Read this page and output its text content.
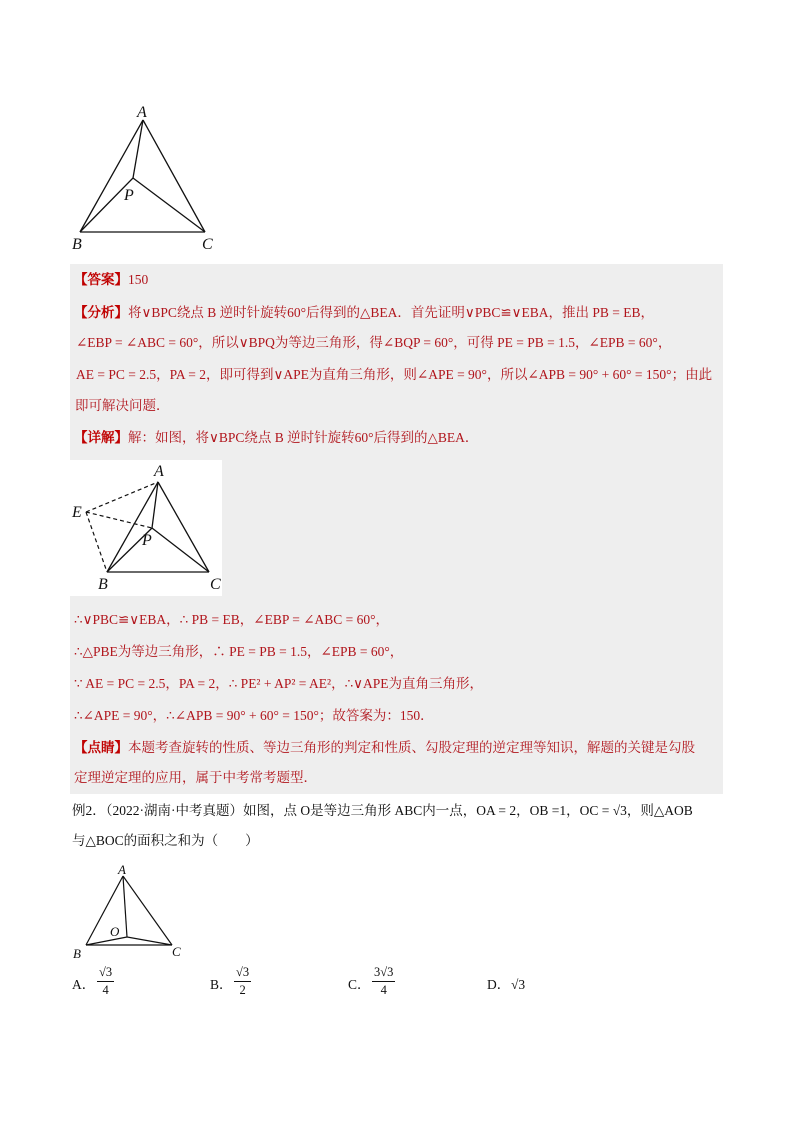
A
P
B	C
【答案】150
【分析】将∨BPC绕点 B 逆时针旋转60°后得到的△BEA．首先证明∨PBC≌∨EBA，推出 PB = EB，
∠EBP = ∠ABC = 60°，所以∨BPQ为等边三角形，得∠BQP = 60°，可得 PE = PB = 1.5，∠EPB = 60°，
AE = PC = 2.5，PA = 2，即可得到∨APE为直角三角形，则∠APE = 90°，所以∠APB = 90° + 60° = 150°；由此
即可解决问题．
【详解】解：如图，将∨BPC绕点 B 逆时针旋转60°后得到的△BEA．
A
E
P
B	C
∴∨PBC≌∨EBA，∴ PB = EB，∠EBP = ∠ABC = 60°，
∴△PBE为等边三角形，∴ PE = PB = 1.5，∠EPB = 60°，
∵ AE = PC = 2.5，PA = 2，∴ PE² + AP² = AE²，∴∨APE为直角三角形，
∴∠APE = 90°，∴∠APB = 90° + 60° = 150°；故答案为：150．
【点睛】本题考查旋转的性质、等边三角形的判定和性质、勾股定理的逆定理等知识，解题的关键是勾股
定理逆定理的应用，属于中考常考题型．
例2．（2022·湖南·中考真题）如图，点 O是等边三角形 ABC内一点，OA = 2，OB =1，OC = √3，则△AOB
与△BOC的面积之和为（　　）
A
O
B	C
A． $\frac{√3}{4}$	B． $\frac{√3}{2}$	C． $\frac{3√3}{4}$	D． √3
